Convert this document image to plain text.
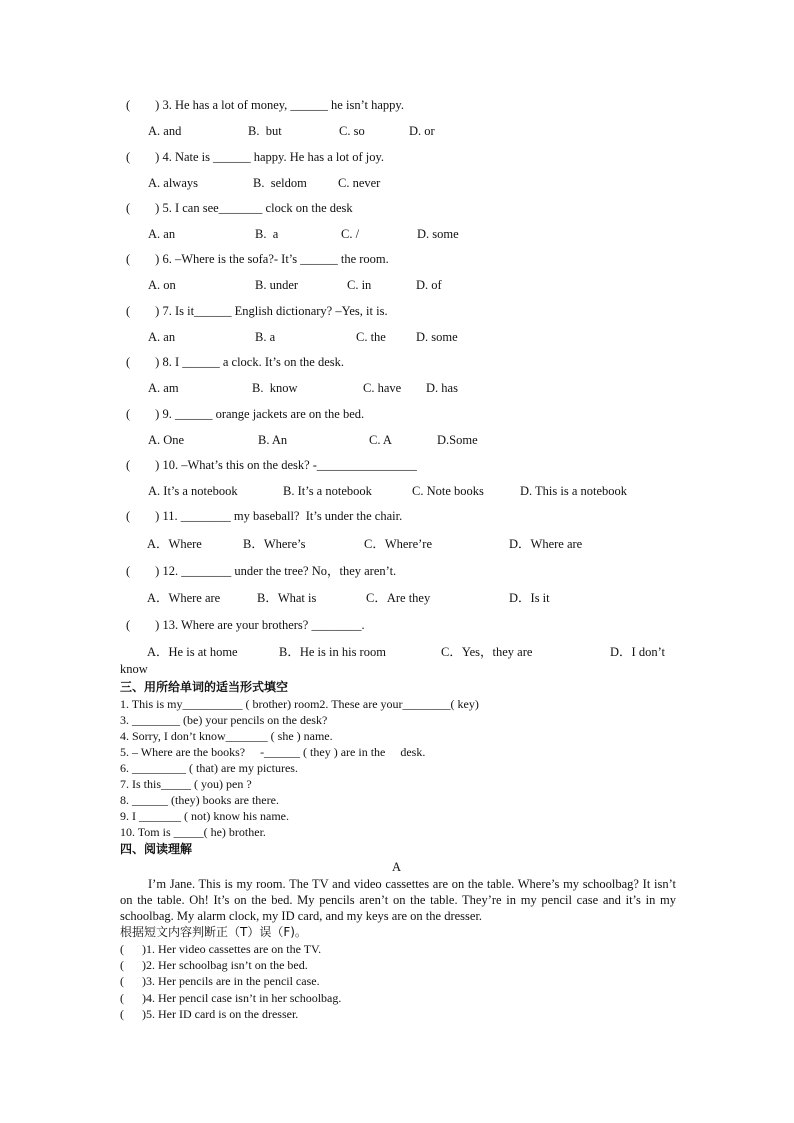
(        ) 3. He has a lot of money, ______ he isn’t happy.
A. and	B.  but	C. so	D. or
(        ) 4. Nate is ______ happy. He has a lot of joy.
A. always	B.  seldom C. never
(        ) 5. I can see_______ clock on the desk
A. an	B.  a	C. /	D. some
(        ) 6. –Where is the sofa?- It’s ______ the room.
A. on	B. under	C. in	D. of
(        ) 7. Is it______ English dictionary? –Yes, it is.
A. an	B. a	C. the D. some
(        ) 8. I ______ a clock. It’s on the desk.
A. am	B.  know	C. have D. has
(        ) 9. ______ orange jackets are on the bed.
A. One	B. An	C. A	D.Some
(        ) 10. –What’s this on the desk? -________________
A. It’s a notebook	B. It’s a notebook	C. Note books	D. This is a notebook
(        ) 11. ________ my baseball?  It’s under the chair.
A．Where	B．Where’s	C．Where’re	D．Where are
(        ) 12. ________ under the tree? No，they aren’t.
A．Where are	B．What is	C．Are they	D．Is it
(        ) 13. Where are your brothers? ________.
A．He is at home	B．He is in his room	C．Yes，they are	D．I don’t
know
三、用所给单词的适当形式填空
1. This is my__________ ( brother) room2. These are your________( key)
3. ________ (be) your pencils on the desk?
4. Sorry, I don’t know_______ ( she ) name.
5. – Where are the books?     -______ ( they ) are in the     desk.
6. _________ ( that) are my pictures.
7. Is this_____ ( you) pen ?
8. ______ (they) books are there.
9. I _______ ( not) know his name.
10. Tom is _____( he) brother.
四、阅读理解
A
I’m Jane. This is my room. The TV and video cassettes are on the table. Where’s my schoolbag? It isn’t on the table. Oh! It’s on the bed. My pencils aren’t on the table. They’re in my pencil case and it’s in my schoolbag. My alarm clock, my ID card, and my keys are on the dresser.
根据短文内容判断正（T）误（F)。
(      )1. Her video cassettes are on the TV.
(      )2. Her schoolbag isn’t on the bed.
(      )3. Her pencils are in the pencil case.
(      )4. Her pencil case isn’t in her schoolbag.
(      )5. Her ID card is on the dresser.
